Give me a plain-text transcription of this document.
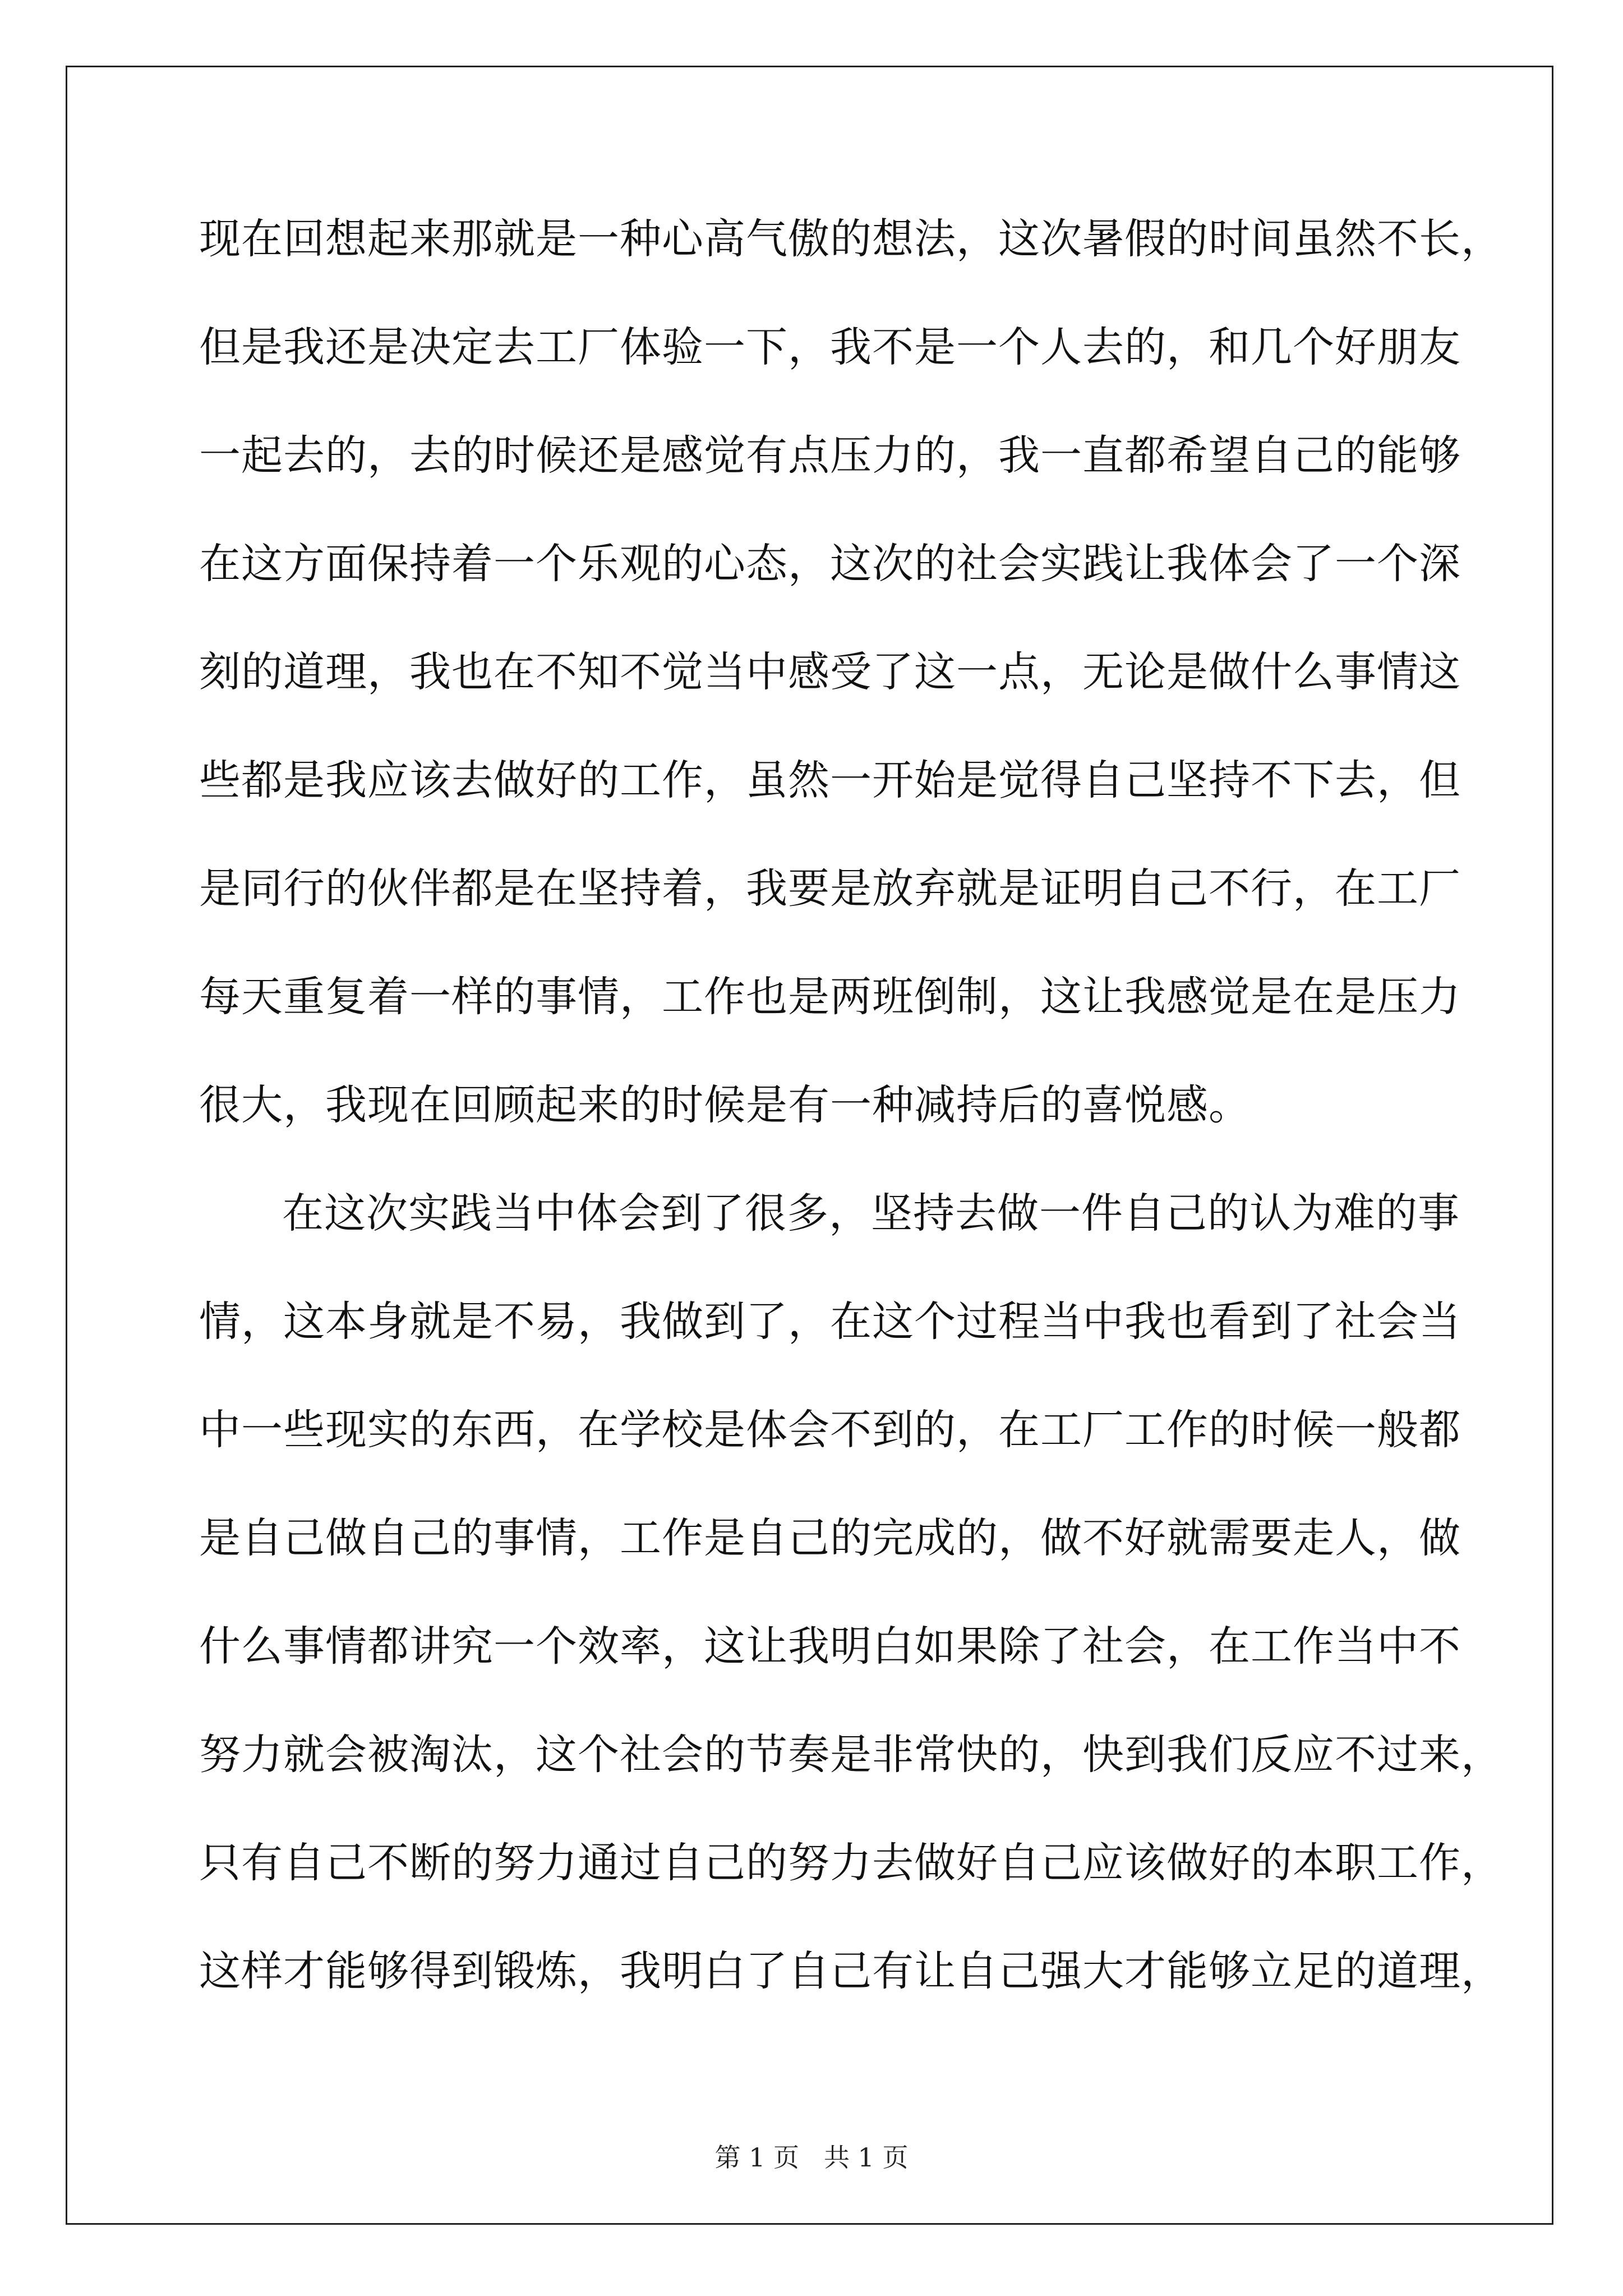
现在回想起来那就是一种心高气傲的想法，这次暑假的时间虽然不长，
但是我还是决定去工厂体验一下，我不是一个人去的，和几个好朋友
一起去的，去的时候还是感觉有点压力的，我一直都希望自己的能够
在这方面保持着一个乐观的心态，这次的社会实践让我体会了一个深
刻的道理，我也在不知不觉当中感受了这一点，无论是做什么事情这
些都是我应该去做好的工作，虽然一开始是觉得自己坚持不下去，但
是同行的伙伴都是在坚持着，我要是放弃就是证明自己不行，在工厂
每天重复着一样的事情，工作也是两班倒制，这让我感觉是在是压力
很大，我现在回顾起来的时候是有一种减持后的喜悦感。
在这次实践当中体会到了很多，坚持去做一件自己的认为难的事
情，这本身就是不易，我做到了，在这个过程当中我也看到了社会当
中一些现实的东西，在学校是体会不到的，在工厂工作的时候一般都
是自己做自己的事情，工作是自己的完成的，做不好就需要走人，做
什么事情都讲究一个效率，这让我明白如果除了社会，在工作当中不
努力就会被淘汰，这个社会的节奏是非常快的，快到我们反应不过来，
只有自己不断的努力通过自己的努力去做好自己应该做好的本职工作，
这样才能够得到锻炼，我明白了自己有让自己强大才能够立足的道理，
第 1 页 共 1 页
